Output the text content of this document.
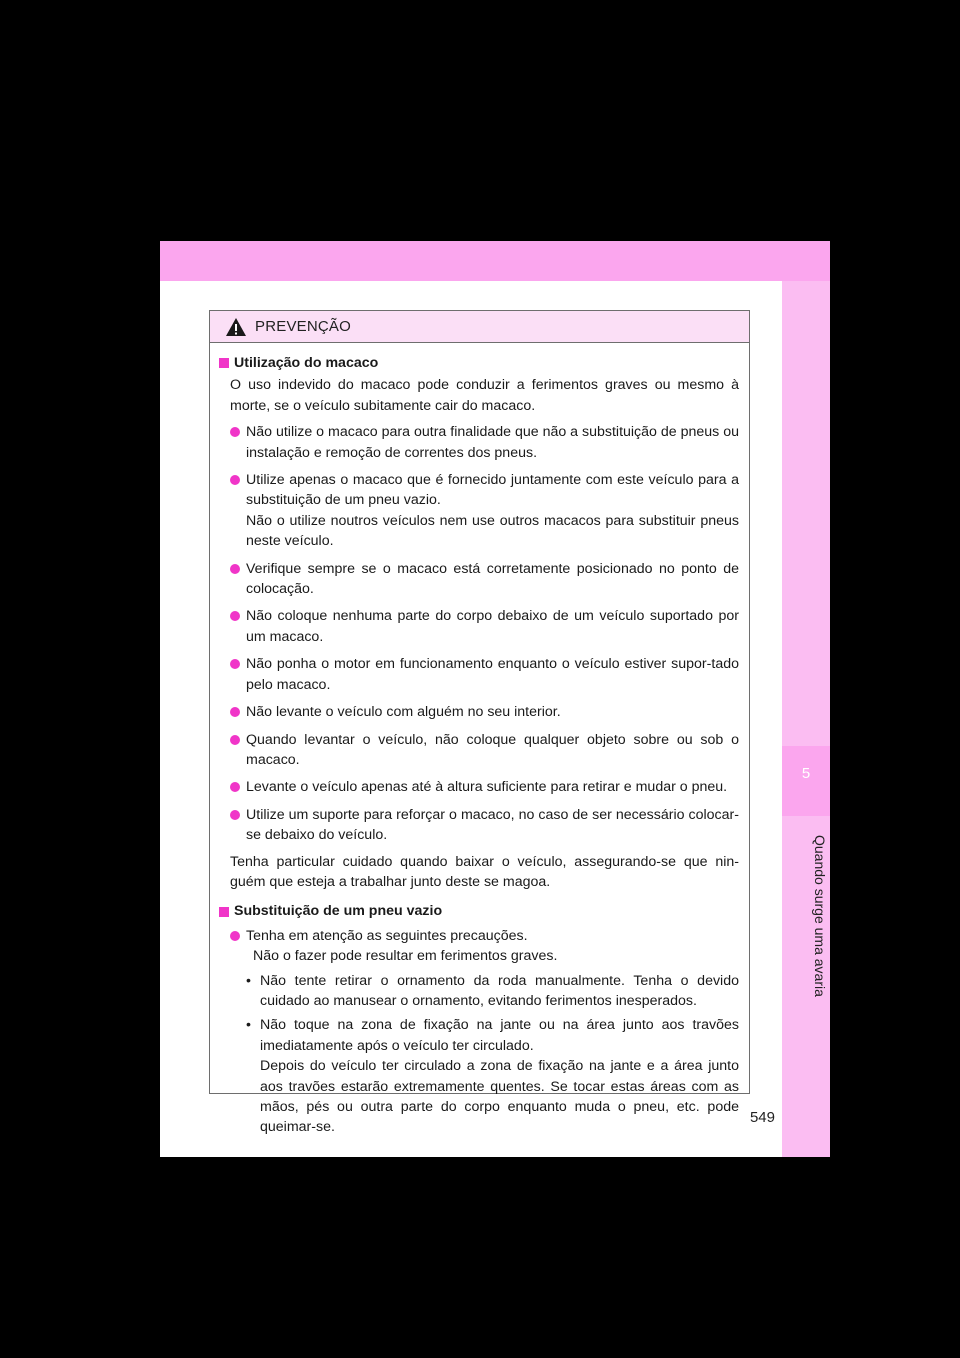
5
Quando surge uma avaria
PREVENÇÃO
Utilização do macaco
O uso indevido do macaco pode conduzir a ferimentos graves ou mesmo à morte, se o veículo subitamente cair do macaco.
Não utilize o macaco para outra finalidade que não a substituição de pneus ou instalação e remoção de correntes dos pneus.
Utilize apenas o macaco que é fornecido juntamente com este veículo para a substituição de um pneu vazio.
Não o utilize noutros veículos nem use outros macacos para substituir pneus neste veículo.
Verifique sempre se o macaco está corretamente posicionado no ponto de colocação.
Não coloque nenhuma parte do corpo debaixo de um veículo suportado por um macaco.
Não ponha o motor em funcionamento enquanto o veículo estiver supor-tado pelo macaco.
Não levante o veículo com alguém no seu interior.
Quando levantar o veículo, não coloque qualquer objeto sobre ou sob o macaco.
Levante o veículo apenas até à altura suficiente para retirar e mudar o pneu.
Utilize um suporte para reforçar o macaco, no caso de ser necessário colocar-se debaixo do veículo.
Tenha particular cuidado quando baixar o veículo, assegurando-se que nin-guém que esteja a trabalhar junto deste se magoa.
Substituição de um pneu vazio
Tenha em atenção as seguintes precauções.
Não o fazer pode resultar em ferimentos graves.
• Não tente retirar o ornamento da roda manualmente. Tenha o devido cuidado ao manusear o ornamento, evitando ferimentos inesperados.
• Não toque na zona de fixação na jante ou na área junto aos travões imediatamente após o veículo ter circulado.
Depois do veículo ter circulado a zona de fixação na jante e a área junto aos travões estarão extremamente quentes. Se tocar estas áreas com as mãos, pés ou outra parte do corpo enquanto muda o pneu, etc. pode queimar-se.
549
